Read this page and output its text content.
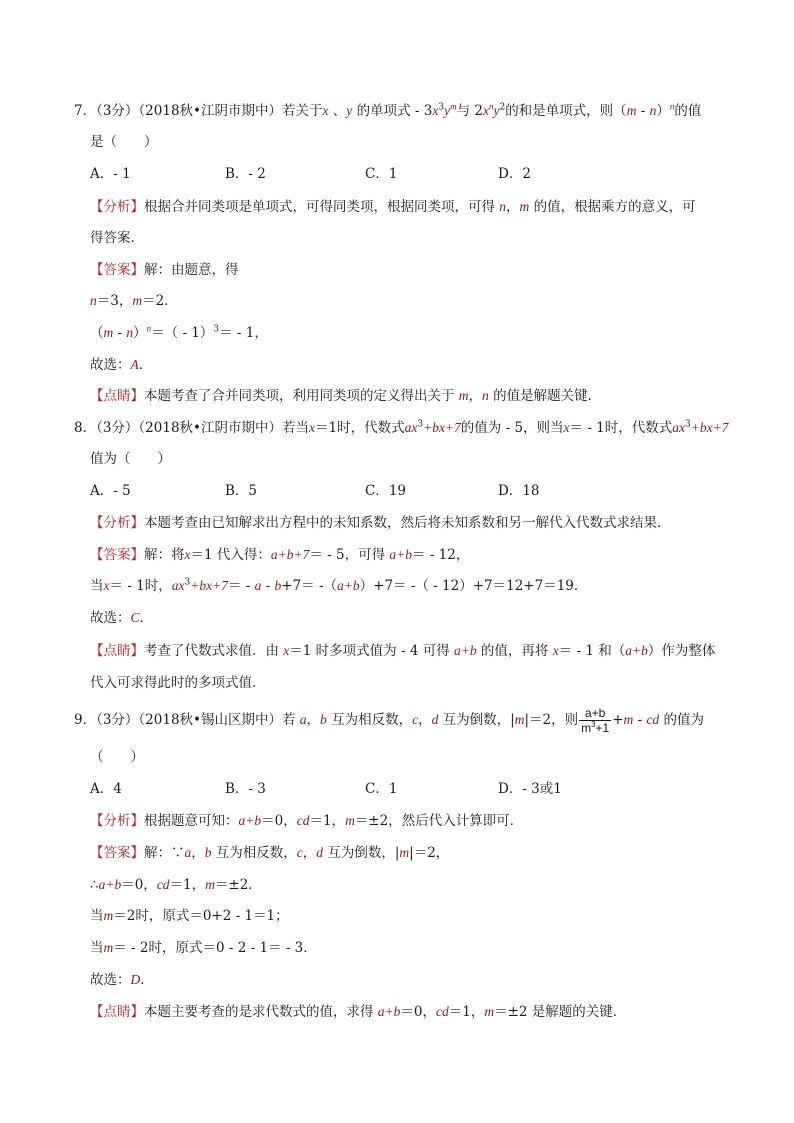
7．（3分）（2018秋•江阴市期中）若关于x 、y 的单项式 - $3x^3y^m$与 $2x^ny^2$的和是单项式，则（m - n）$^n$的值
是（　　）
A．- 1	B．- 2	C．1	D．2
【分析】根据合并同类项是单项式，可得同类项，根据同类项，可得 n，m 的值，根据乘方的意义，可
得答案．
【答案】解：由题意，得
n＝3，m＝2．
（m - n）$^n$＝（ - 1）$^3$＝ - 1，
故选：A．
【点睛】本题考查了合并同类项，利用同类项的定义得出关于 m，n 的值是解题关键．
8．（3分）（2018秋•江阴市期中）若当x＝1时，代数式$ax^3+bx+7$的值为 - 5，则当x＝ - 1时，代数式$ax^3+bx+7$
值为（　　）
A．- 5	B．5	C．19	D．18
【分析】本题考查由已知解求出方程中的未知系数，然后将未知系数和另一解代入代数式求结果．
【答案】解：将x＝1 代入得：a+b+7＝ - 5，可得 a+b＝ - 12，
当x＝ - 1时，$ax^3+bx+7= - a - b+7= -(a+b)+7=$ -（ - 12）+7＝12+7＝19．
故选：C．
【点睛】考查了代数式求值．由 x＝1 时多项式值为 - 4 可得 a+b 的值，再将 x＝ - 1 和（a+b）作为整体
代入可求得此时的多项式值．
9．（3分）（2018秋•锡山区期中）若 a，b 互为相反数，c，d 互为倒数，|m|＝2，则 $\frac{a+b}{m^3+1} +m$ - cd 的值为
（　　）
A．4	B．- 3	C．1	D．- 3或1
【分析】根据题意可知：a+b＝0，cd＝1，m＝±2，然后代入计算即可．
【答案】解：∵a，b 互为相反数，c，d 互为倒数，|m|＝2，
∴a+b＝0，cd＝1，m＝±2．
当m＝2时，原式＝0+2 - 1＝1；
当m＝ - 2时，原式＝0 - 2 - 1＝ - 3．
故选：D．
【点睛】本题主要考查的是求代数式的值，求得 a+b＝0，cd＝1，m＝±2 是解题的关键．
